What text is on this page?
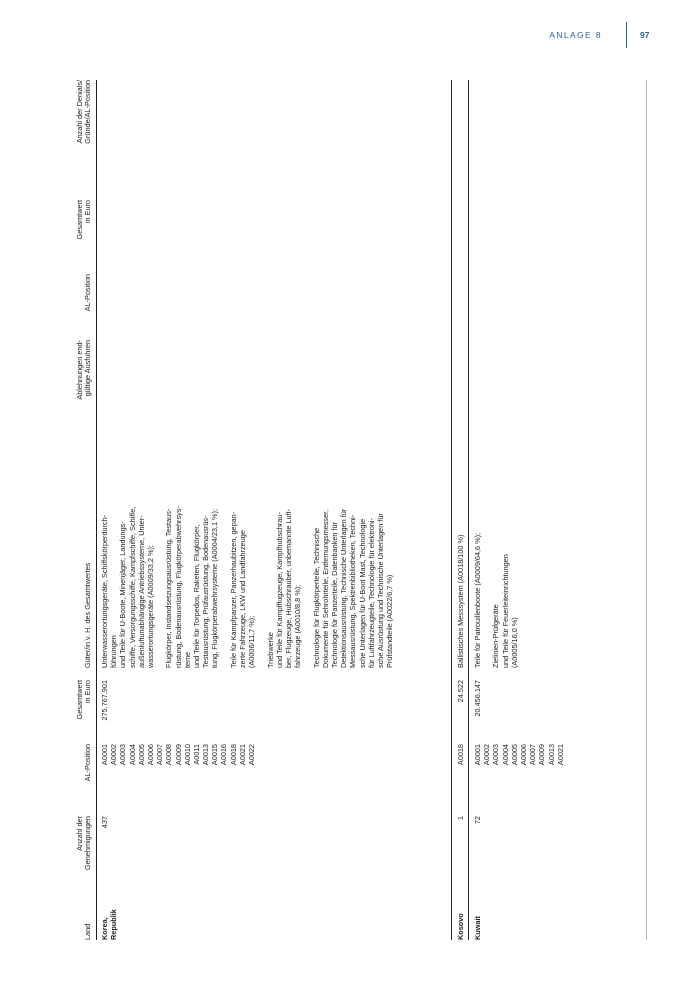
ANLAGE 8	97
Land
Anzahl der
Genehmigungen
AL-Position
Gesamtwert
in Euro
Güter/in v. H. des Gesamtwertes
Ablehnungen end-
gültige Ausfuhren
AL-Position
Gesamtwert
in Euro
Anzahl der Denials/
Gründe/AL-Position
Korea,
Republik
437
A0001 A0002 A0003 A0004 A0005 A0006 A0007 A0008 A0009 A0010 A0011 A0013 A0015 A0016 A0018 A0021 A0022
275.767.901
Unterwasserortungsgeräte, Schiffskörperdurch- führungen und Teile für U-Boote, Minenjäger, Landungs- schiffe, Versorgungsschiffe, Kampfschiffe, Schiffe, außenluftunabhängige Antriebssysteme, Unter- wasserortungsgeräte (A0009/33,2 %); Flugkörper, Instandsetzungsausrüstung, Testaus- rüstung, Bodenausrüstung, Flugkörperabwehrsys- teme und Teile für Torpedos, Raketen, Flugkörper, Testausrüstung, Prüfausrüstung, Bodenausrüs- tung, Flugkörperabwehrsysteme (A0004/23,1 %); Teile für Kampfpanzer, Panzerhaubitzen, gepan- zerte Fahrzeuge, LKW und Landfahrzeuge (A0006/11,7 %); Triebwerke und Teile für Kampfflugzeuge, Kampfhubschrau- ber, Flugzeuge, Hubschrauber, unbemannte Luft- fahrzeuge (A0010/8,8 %); Technologie für Flugkörperteile, Technische Dokumente für Sehrohrteile, Entfernungsmesser, Technologie für Panzerteile, Datenbanken für Detektionsausrüstung, Technische Unterlagen für Messausrüstung, Spektrenbibliotheken, Techni- sche Unterlagen für U-Boot Mast, Technologie für Luftfahrzeugteile, Technologie für elektroni- sche Ausrüstung und Technische Unterlagen für Prüfstandteile (A0022/6,7 %)
Kosovo
1
A0018
24.522
Ballistisches Messsystem (A0018/100 %)
Kuwait
72
A0001 A0002 A0003 A0004 A0005 A0006 A0007 A0009 A0013 A0021
20.456.147
Teile für Patrouillenboote (A0009/64,6 %); Zielinien-Prüfgeräte und Teile für Feuerleiteinrichtungen (A0005/16,0 %)
